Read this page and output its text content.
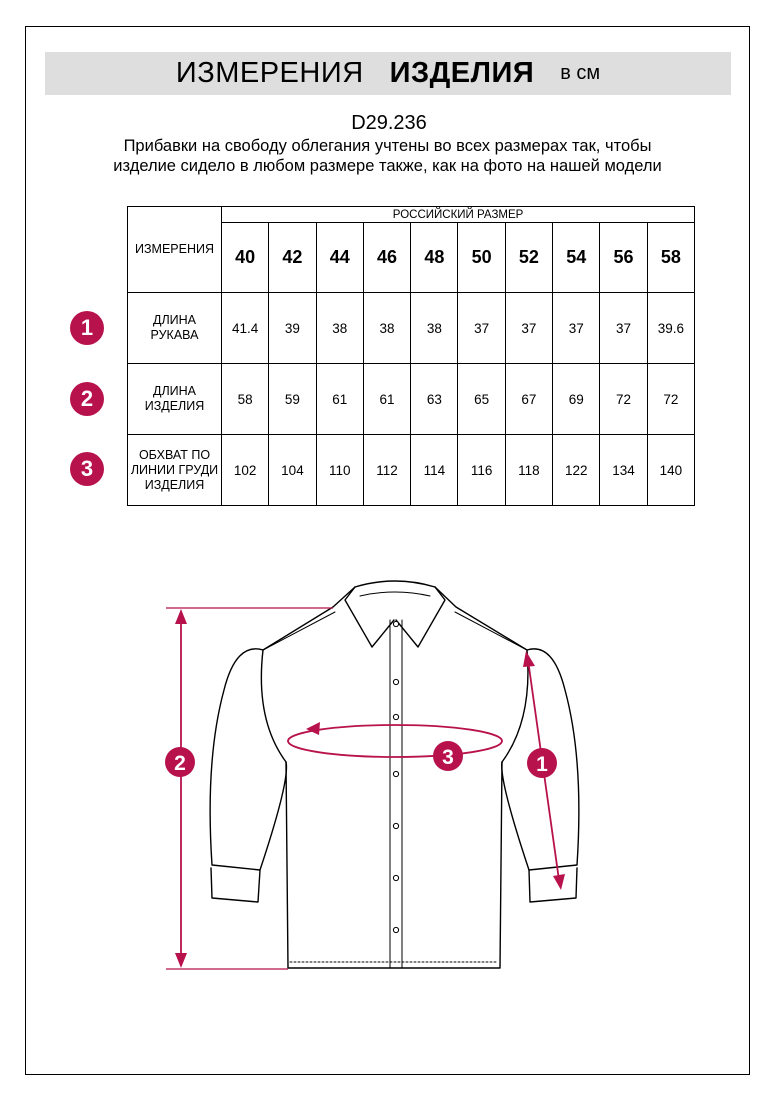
ИЗМЕРЕНИЯ ИЗДЕЛИЯ в см
D29.236
Прибавки на свободу облегания учтены во всех размерах так, чтобы изделие сидело в любом размере также, как на фото на нашей модели
ИЗМЕРЕНИЯ	РОССИЙСКИЙ РАЗМЕР									
	40	42	44	46	48	50	52	54	56	58
ДЛИНА РУКАВА	41.4	39	38	38	38	37	37	37	37	39.6
ДЛИНА ИЗДЕЛИЯ	58	59	61	61	63	65	67	69	72	72
ОБХВАТ ПО ЛИНИИ ГРУДИ ИЗДЕЛИЯ	102	104	110	112	114	116	118	122	134	140
1
2
3
2	3	1
